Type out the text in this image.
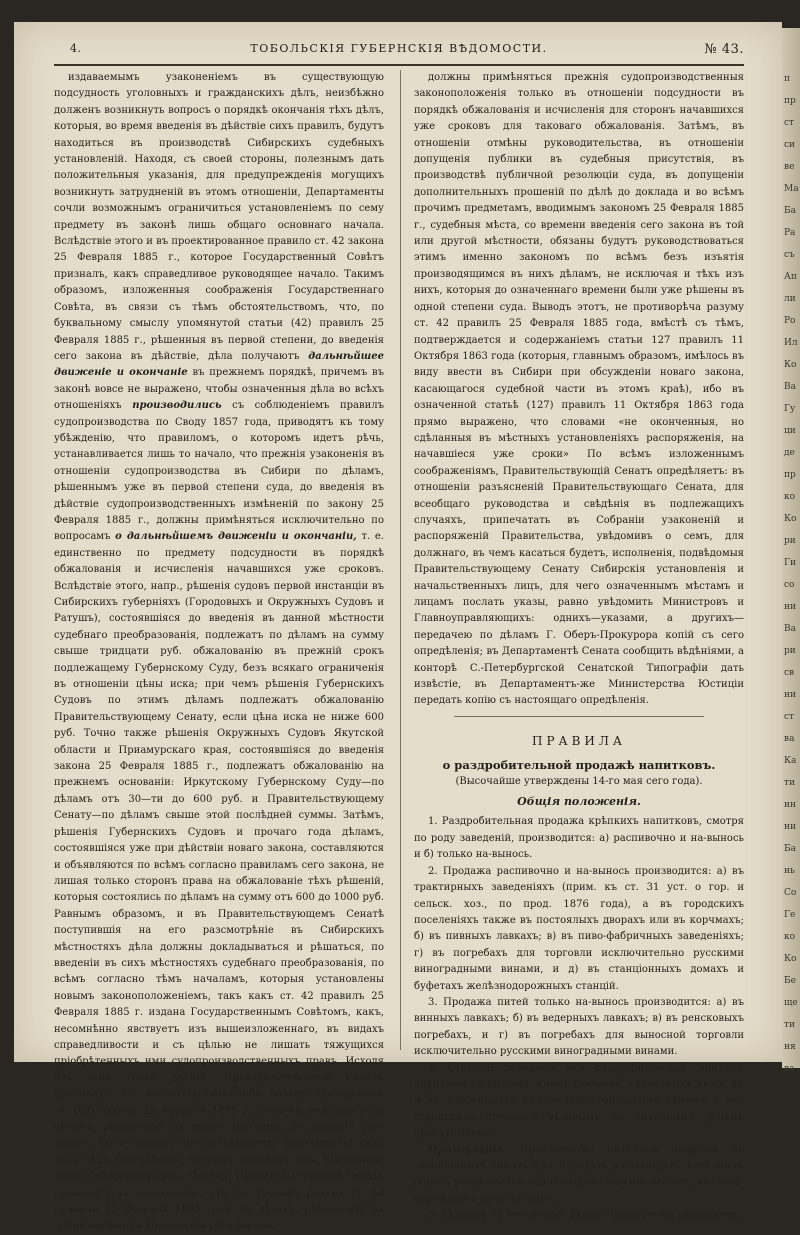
4.	ТОБОЛЬСКІЯ ГУБЕРНСКІЯ ВѢДОМОСТИ.	№ 43.

издаваемымъ узаконеніемъ въ существующую подсудность уголовныхъ и гражданскихъ дѣлъ, неизбѣжно долженъ возникнуть вопросъ о порядкѣ окончанія тѣхъ дѣлъ, которыя, во время введенія въ дѣйствіе сихъ правилъ, будутъ находиться въ производствѣ Сибирскихъ судебныхъ установленій. Находя, съ своей стороны, полезнымъ дать положительныя указанія, для предупрежденія могущихъ возникнуть затрудненій въ этомъ отношеніи, Департаменты сочли возможнымъ ограничиться установленіемъ по сему предмету въ законѣ лишь общаго основнаго начала. Вслѣдствіе этого и въ проектированное правило ст. 42 закона 25 Февраля 1885 г., которое Государственный Совѣтъ призналъ, какъ справедливое руководящее начало. Такимъ образомъ, изложенныя соображенія Государственнаго Совѣта, въ связи съ тѣмъ обстоятельствомъ, что, по буквальному смыслу упомянутой статьи (42) правилъ 25 Февраля 1885 г., рѣшенныя въ первой степени, до введенія сего закона въ дѣйствіе, дѣла получаютъ дальнѣйшее движеніе и окончаніе въ прежнемъ порядкѣ, причемъ въ законѣ вовсе не выражено, чтобы означенныя дѣла во всѣхъ отношеніяхъ производились съ соблюденіемъ правилъ судопроизводства по Своду 1857 года, приводятъ къ тому убѣжденію, что правиломъ, о которомъ идетъ рѣчь, устанавливается лишь то начало, что прежнія узаконенія въ отношеніи судопроизводства въ Сибири по дѣламъ, рѣшеннымъ уже въ первой степени суда, до введенія въ дѣйствіе судопроизводственныхъ измѣненій по закону 25 Февраля 1885 г., должны примѣняться исключительно по вопросамъ о дальнѣйшемъ движеніи и окончаніи, т. е. единственно по предмету подсудности въ порядкѣ обжалованія и исчисленія начавшихся уже сроковъ. Вслѣдствіе этого, напр., рѣшенія судовъ первой инстанціи въ Сибирскихъ губерніяхъ (Городовыхъ и Окружныхъ Судовъ и Ратушъ), состоявшіяся до введенія въ данной мѣстности судебнаго преобразованія, подлежатъ по дѣламъ на сумму свыше тридцати руб. обжалованію въ прежній срокъ подлежащему Губернскому Суду, безъ всякаго ограниченія въ отношеніи цѣны иска; при чемъ рѣшенія Губернскихъ Судовъ по этимъ дѣламъ подлежатъ обжалованію Правительствующему Сенату, если цѣна иска не ниже 600 руб. Точно также рѣшенія Окружныхъ Судовъ Якутской области и Приамурскаго края, состоявшіяся до введенія закона 25 Февраля 1885 г., подлежатъ обжалованію на прежнемъ основаніи: Иркутскому Губернскому Суду—по дѣламъ отъ 30—ти до 600 руб. и Правительствующему Сенату—по дѣламъ свыше этой послѣдней суммы. Затѣмъ, рѣшенія Губернскихъ Судовъ и прочаго года дѣламъ, состоявшіяся уже при дѣйствіи новаго закона, составляются и объявляются по всѣмъ согласно правиламъ сего закона, не лишая только сторонъ права на обжалованіе тѣхъ рѣшеній, которыя состоялись по дѣламъ на сумму отъ 600 до 1000 руб. Равнымъ образомъ, и въ Правительствующемъ Сенатѣ поступившія на его разсмотрѣніе въ Сибирскихъ мѣстностяхъ дѣла должны докладываться и рѣшаться, по введеніи въ сихъ мѣстностяхъ судебнаго преобразованія, по всѣмъ согласно тѣмъ началамъ, которыя установлены новымъ законоположеніемъ, такъ какъ ст. 42 правилъ 25 Февраля 1885 г. издана Государственнымъ Совѣтомъ, какъ, несомнѣнно явствуетъ изъ вышеизложеннаго, въ видахъ справедливости и съ цѣлью не лишать тяжущихся пріобрѣтенныхъ ими судопроизводственныхъ правъ. Исходя изъ этой точки зрѣнія, Правительствующій Сенатъ признаетъ, что несоотвѣтствовало-бы разуму приведенной ст. (42) закона 25 Февраля 1885 г., если-бы тяжущіеся по дѣламъ, рѣшеннымъ въ одной инстанціи до введенія сего закона, были лишены при дальнѣйшемъ производствѣ сихъ дѣлъ тѣхъ благодѣяній, которыя даровалъ имъ Высочайше вновь Сибирскому краю. Посему, Правительствующій Сенатъ приходитъ къ заключенію, что, по точному разуму ст. 42 правилъ 25 Февраля 1885 года, въ дѣлахъ, рѣшенныхъ въ одной инстанціи до введенія сего закона,

должны примѣняться прежнія судопроизводственныя законоположенія только въ отношеніи подсудности въ порядкѣ обжалованія и исчисленія для сторонъ начавшихся уже сроковъ для таковаго обжалованія. Затѣмъ, въ отношеніи отмѣны руководительства, въ отношеніи допущенія публики въ судебныя присутствія, въ производствѣ публичной резолюціи суда, въ допущеніи дополнительныхъ прошеній по дѣлѣ до доклада и во всѣмъ прочимъ предметамъ, вводимымъ закономъ 25 Февраля 1885 г., судебныя мѣста, со времени введенія сего закона въ той или другой мѣстности, обязаны будутъ руководствоваться этимъ именно закономъ по всѣмъ безъ изъятія производящимся въ нихъ дѣламъ, не исключая и тѣхъ изъ нихъ, которыя до означеннаго времени были уже рѣшены въ одной степени суда. Выводъ этотъ, не противорѣча разуму ст. 42 правилъ 25 Февраля 1885 года, вмѣстѣ съ тѣмъ, подтверждается и содержаніемъ статьи 127 правилъ 11 Октября 1863 года (которыя, главнымъ образомъ, имѣлось въ виду ввести въ Сибири при обсужденіи новаго закона, касающагося судебной части въ этомъ краѣ), ибо въ означенной статьѣ (127) правилъ 11 Октября 1863 года прямо выражено, что словами «не оконченныя, но сдѣланныя въ мѣстныхъ установленіяхъ распоряженія, на начавшіеся уже сроки» По всѣмъ изложеннымъ соображеніямъ, Правительствующій Сенатъ опредѣляетъ: въ отношеніи разъясненій Правительствующаго Сената, для всеобщаго руководства и свѣдѣнія въ подлежащихъ случаяхъ, припечатать въ Собраніи узаконеній и распоряженій Правительства, увѣдомивъ о семъ, для должнаго, въ чемъ касаться будетъ, исполненія, подвѣдомыя Правительствующему Сенату Сибирскія установленія и начальственныхъ лицъ, для чего означеннымъ мѣстамъ и лицамъ послать указы, равно увѣдомить Министровъ и Главноуправляющихъ: однихъ—указами, а другихъ—передачею по дѣламъ Г. Оберъ-Прокурора копій съ сего опредѣленія; въ Департаментѣ Сената сообщить вѣдѣніями, а конторѣ С.-Петербургской Сенатской Типографіи дать извѣстіе, въ Департаментъ-же Министерства Юстиціи передать копію съ настоящаго опредѣленія.

ПРАВИЛА

о раздробительной продажѣ напитковъ.

(Высочайше утверждены 14-го мая сего года).

Общія положенія.

1. Раздробительная продажа крѣпкихъ напитковъ, смотря по роду заведеній, производится: а) распивочно и на-вынось и б) только на-вынось.

2. Продажа распивочно и на-вынось производится: а) въ трактирныхъ заведеніяхъ (прим. къ ст. 31 уст. о гор. и сельск. хоз., по прод. 1876 года), а въ городскихъ поселеніяхъ также въ постоялыхъ дворахъ или въ корчмахъ; б) въ пивныхъ лавкахъ; в) въ пиво-фабричныхъ заведеніяхъ; г) въ погребахъ для торговли исключительно русскими виноградными винами, и д) въ станціонныхъ домахъ и буфетахъ желѣзнодорожныхъ станцій.

3. Продажа питей только на-вынось производится: а) въ винныхъ лавкахъ; б) въ ведерныхъ лавкахъ; в) въ ренсковыхъ погребахъ, и г) въ погребахъ для выносной торговли исключительно русскими виноградными винами.

4. Открытіе заведеній для раздробительной торговли крѣпкими напитками, кромѣ случаевъ, указанныхъ въ ст. 49 и 50, разрѣшается въ городахъ—городскими думами, а внѣ городскихъ поселеній—уѣзднымъ по питейнымъ дѣламъ присутствіямъ.

Примѣчаніе. Производство питейной продажи въ станціонныхъ домахъ и въ буфетахъ на станціяхъ желѣзныхъ дорогъ разрѣшается подлежащимъ почтовымъ или желѣзно-дорожнымъ начальствомъ.

5. Уѣздныя по питейнымъ дѣламъ присутствія образуются,

п
пр
ст
си
ве
Ма
Ба
Ра
съ
Ап
ли
Ро
Ил
Ко
Ва
Гу
ци
де
пр
ко
Ко
ри
Ги
со
ни
Ва
ри
св
ни
ст
ва
Ка
ти
ин
ни
Ба
нь
Со
Ге
ко
Ко
Бе
ще
ти
ня
ва
